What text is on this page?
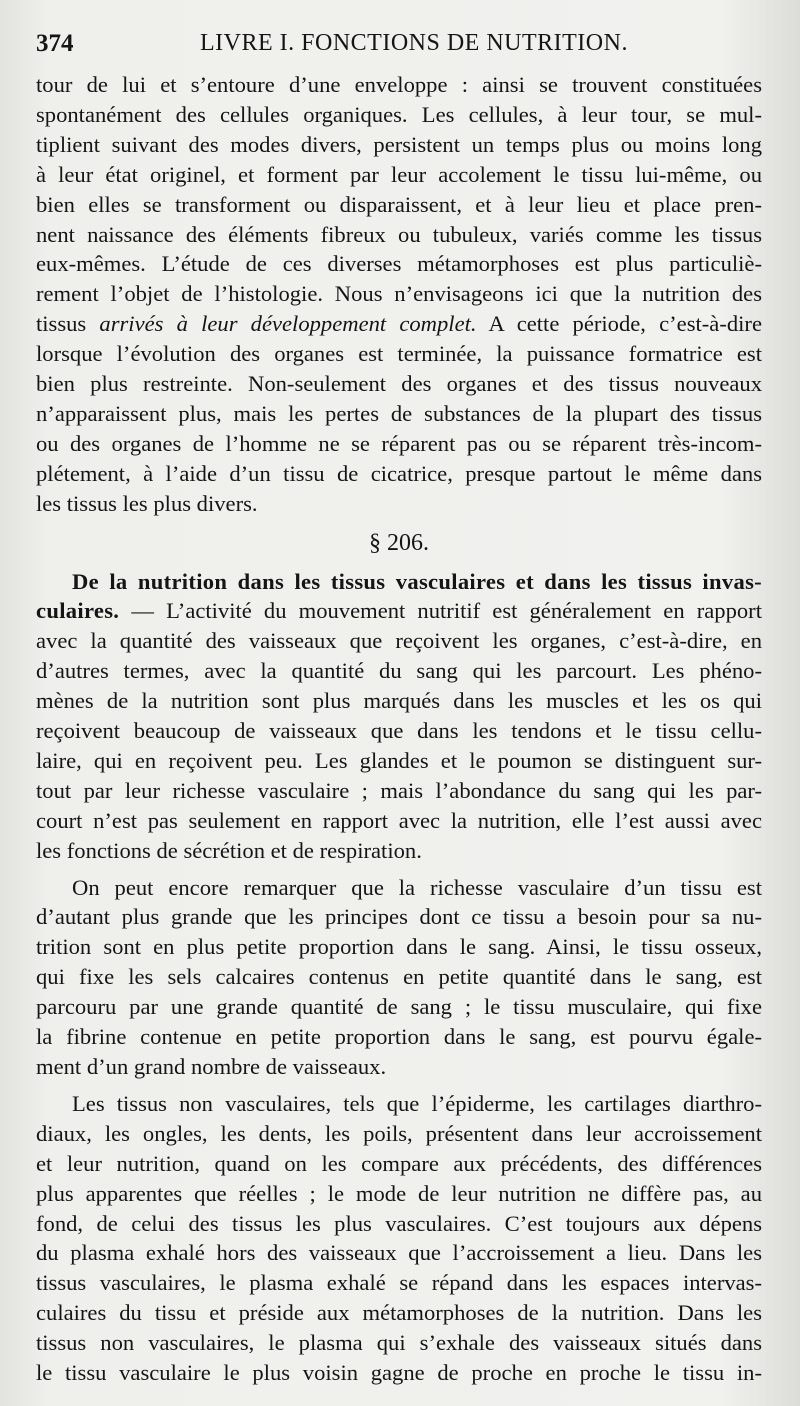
374	LIVRE I. FONCTIONS DE NUTRITION.
tour de lui et s’entoure d’une enveloppe : ainsi se trouvent constituées
spontanément des cellules organiques. Les cellules, à leur tour, se mul-
tiplient suivant des modes divers, persistent un temps plus ou moins long
à leur état originel, et forment par leur accolement le tissu lui-même, ou
bien elles se transforment ou disparaissent, et à leur lieu et place pren-
nent naissance des éléments fibreux ou tubuleux, variés comme les tissus
eux-mêmes. L’étude de ces diverses métamorphoses est plus particuliè-
rement l’objet de l’histologie. Nous n’envisageons ici que la nutrition des
tissus arrivés à leur développement complet. A cette période, c’est-à-dire
lorsque l’évolution des organes est terminée, la puissance formatrice est
bien plus restreinte. Non-seulement des organes et des tissus nouveaux
n’apparaissent plus, mais les pertes de substances de la plupart des tissus
ou des organes de l’homme ne se réparent pas ou se réparent très-incom-
plétement, à l’aide d’un tissu de cicatrice, presque partout le même dans
les tissus les plus divers.
§ 206.
De la nutrition dans les tissus vasculaires et dans les tissus invas-
culaires. — L’activité du mouvement nutritif est généralement en rapport
avec la quantité des vaisseaux que reçoivent les organes, c’est-à-dire, en
d’autres termes, avec la quantité du sang qui les parcourt. Les phéno-
mènes de la nutrition sont plus marqués dans les muscles et les os qui
reçoivent beaucoup de vaisseaux que dans les tendons et le tissu cellu-
laire, qui en reçoivent peu. Les glandes et le poumon se distinguent sur-
tout par leur richesse vasculaire ; mais l’abondance du sang qui les par-
court n’est pas seulement en rapport avec la nutrition, elle l’est aussi avec
les fonctions de sécrétion et de respiration.
On peut encore remarquer que la richesse vasculaire d’un tissu est
d’autant plus grande que les principes dont ce tissu a besoin pour sa nu-
trition sont en plus petite proportion dans le sang. Ainsi, le tissu osseux,
qui fixe les sels calcaires contenus en petite quantité dans le sang, est
parcouru par une grande quantité de sang ; le tissu musculaire, qui fixe
la fibrine contenue en petite proportion dans le sang, est pourvu égale-
ment d’un grand nombre de vaisseaux.
Les tissus non vasculaires, tels que l’épiderme, les cartilages diarthro-
diaux, les ongles, les dents, les poils, présentent dans leur accroissement
et leur nutrition, quand on les compare aux précédents, des différences
plus apparentes que réelles ; le mode de leur nutrition ne diffère pas, au
fond, de celui des tissus les plus vasculaires. C’est toujours aux dépens
du plasma exhalé hors des vaisseaux que l’accroissement a lieu. Dans les
tissus vasculaires, le plasma exhalé se répand dans les espaces intervas-
culaires du tissu et préside aux métamorphoses de la nutrition. Dans les
tissus non vasculaires, le plasma qui s’exhale des vaisseaux situés dans
le tissu vasculaire le plus voisin gagne de proche en proche le tissu in-
